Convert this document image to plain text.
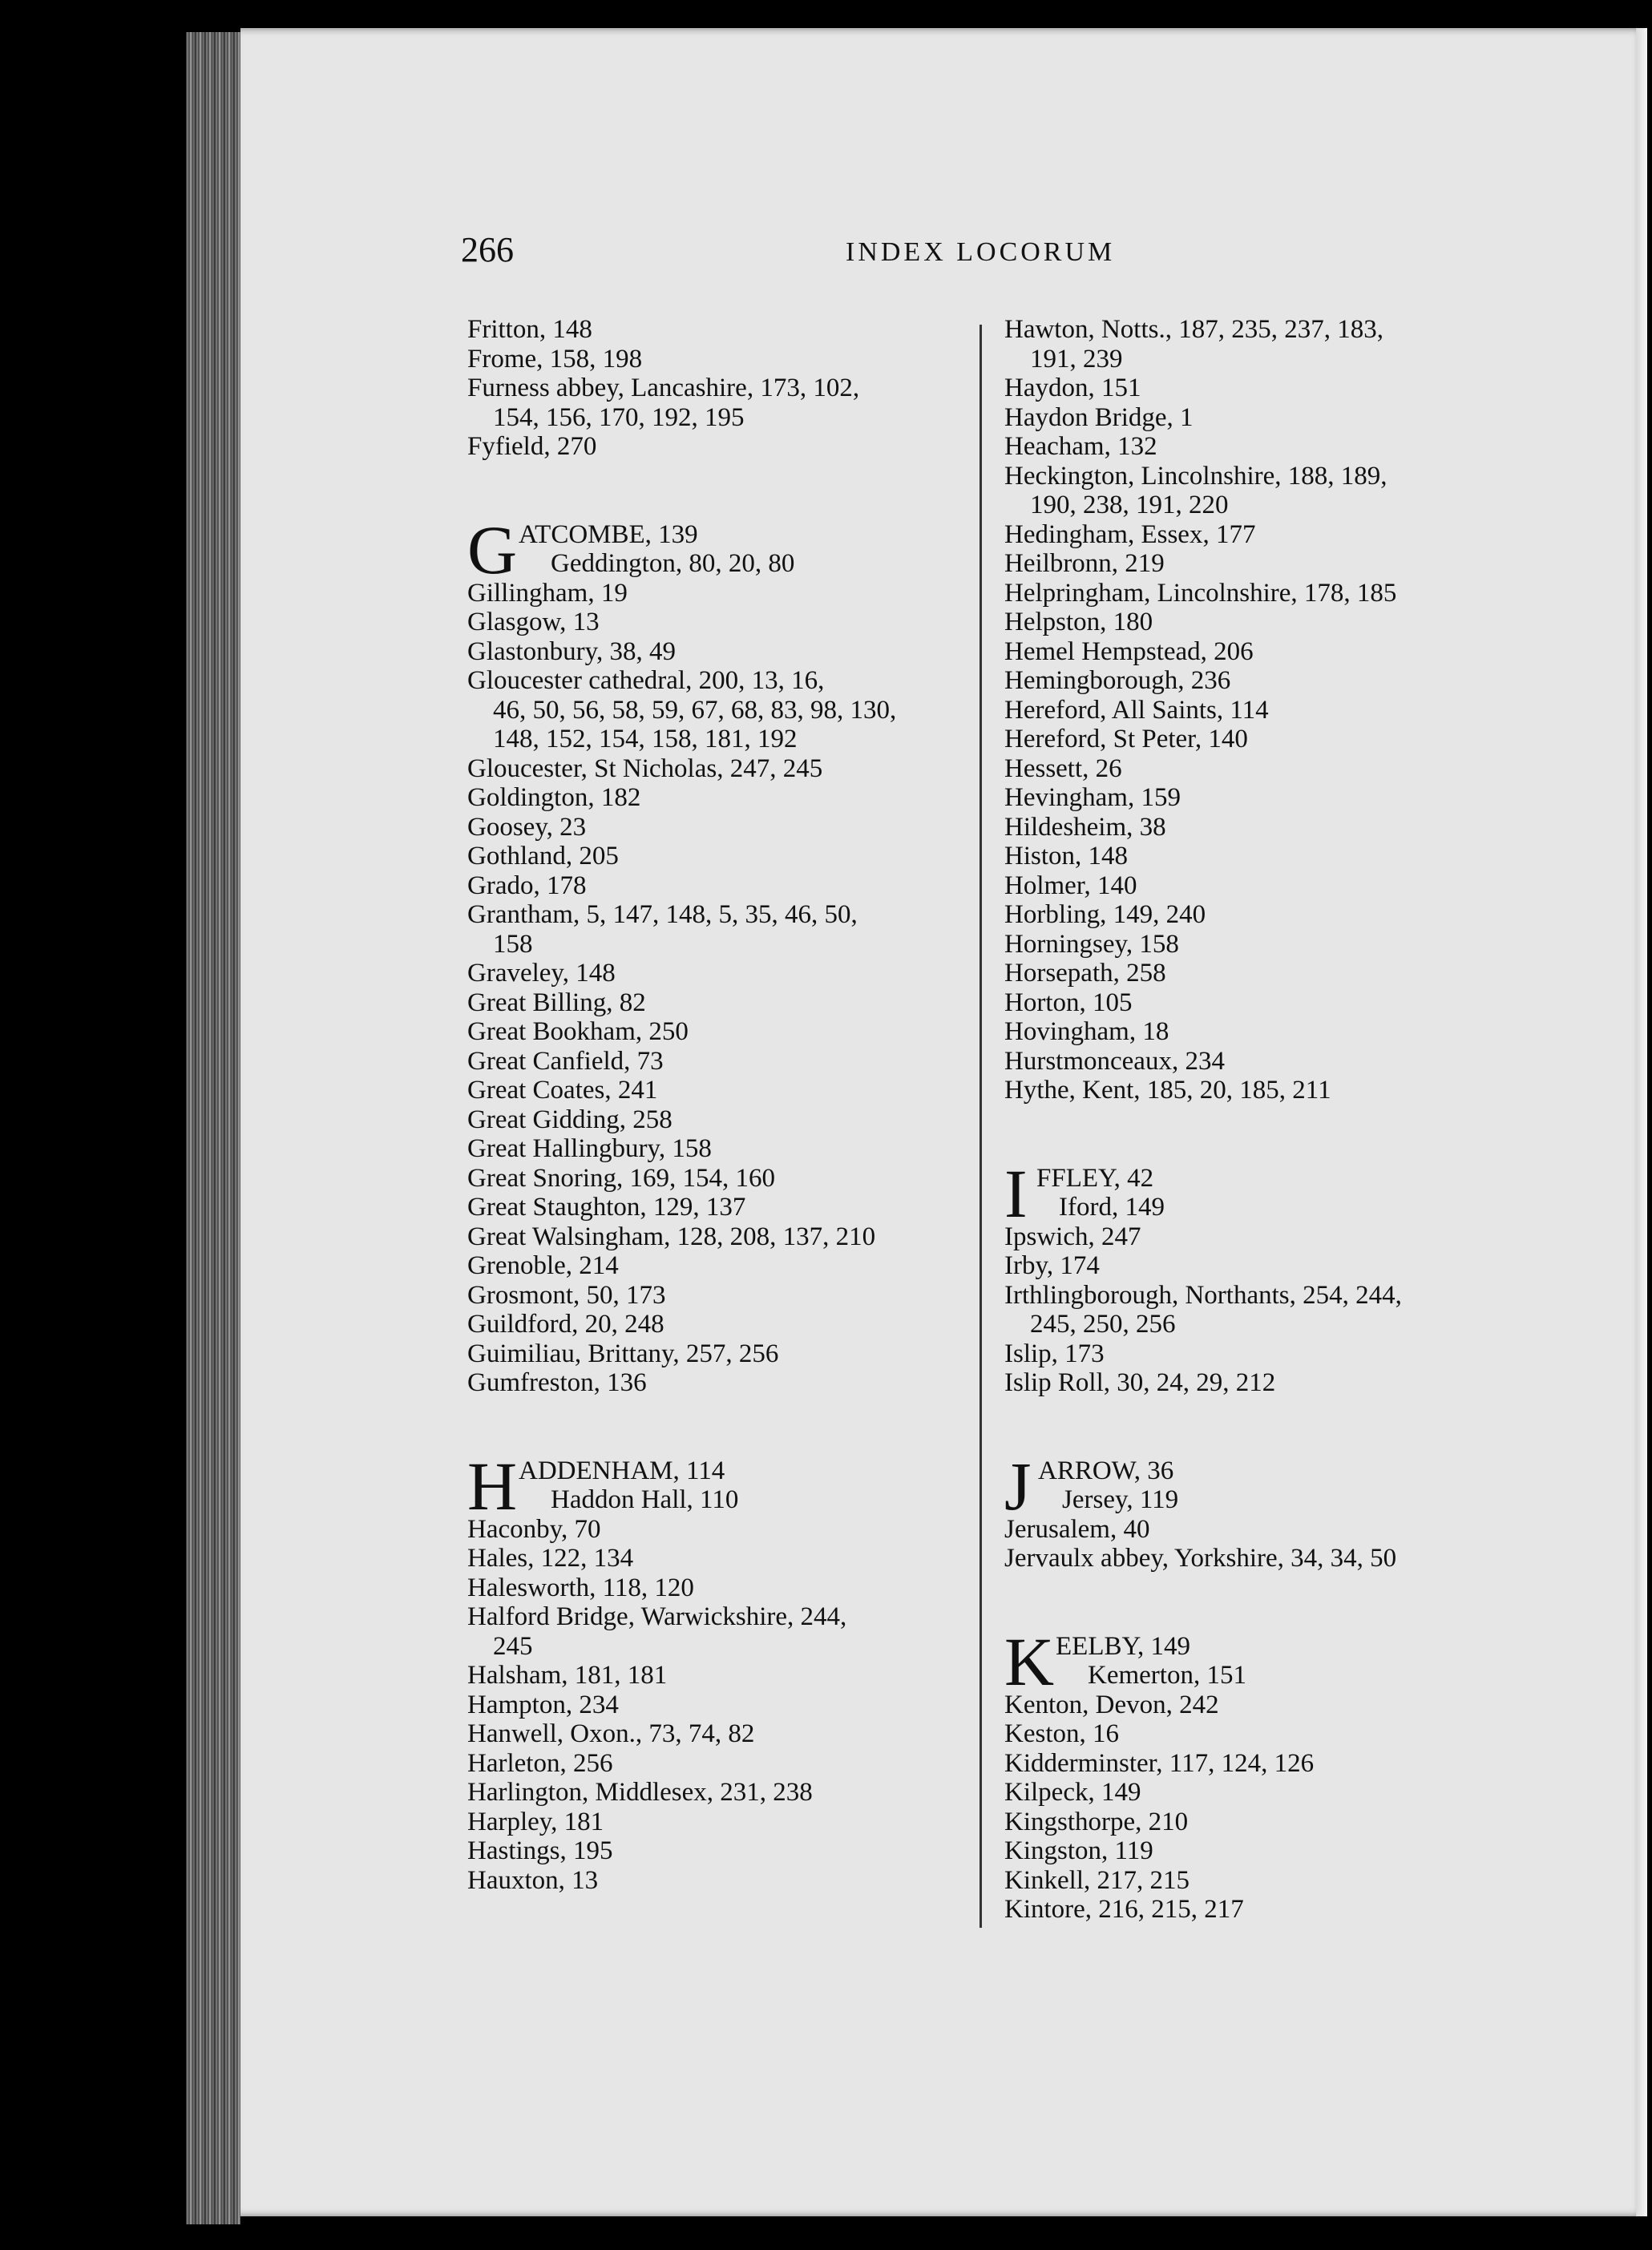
266	INDEX LOCORUM
Fritton, 148
Frome, 158, 198
Furness abbey, Lancashire, 173, 102,
154, 156, 170, 192, 195
Fyfield, 270
G ATCOMBE, 139
Geddington, 80, 20, 80
Gillingham, 19
Glasgow, 13
Glastonbury, 38, 49
Gloucester cathedral, 200, 13, 16,
46, 50, 56, 58, 59, 67, 68, 83, 98, 130,
148, 152, 154, 158, 181, 192
Gloucester, St Nicholas, 247, 245
Goldington, 182
Goosey, 23
Gothland, 205
Grado, 178
Grantham, 5, 147, 148, 5, 35, 46, 50,
158
Graveley, 148
Great Billing, 82
Great Bookham, 250
Great Canfield, 73
Great Coates, 241
Great Gidding, 258
Great Hallingbury, 158
Great Snoring, 169, 154, 160
Great Staughton, 129, 137
Great Walsingham, 128, 208, 137, 210
Grenoble, 214
Grosmont, 50, 173
Guildford, 20, 248
Guimiliau, Brittany, 257, 256
Gumfreston, 136
H ADDENHAM, 114
Haddon Hall, 110
Haconby, 70
Hales, 122, 134
Halesworth, 118, 120
Halford Bridge, Warwickshire, 244,
245
Halsham, 181, 181
Hampton, 234
Hanwell, Oxon., 73, 74, 82
Harleton, 256
Harlington, Middlesex, 231, 238
Harpley, 181
Hastings, 195
Hauxton, 13
Hawton, Notts., 187, 235, 237, 183,
191, 239
Haydon, 151
Haydon Bridge, 1
Heacham, 132
Heckington, Lincolnshire, 188, 189,
190, 238, 191, 220
Hedingham, Essex, 177
Heilbronn, 219
Helpringham, Lincolnshire, 178, 185
Helpston, 180
Hemel Hempstead, 206
Hemingborough, 236
Hereford, All Saints, 114
Hereford, St Peter, 140
Hessett, 26
Hevingham, 159
Hildesheim, 38
Histon, 148
Holmer, 140
Horbling, 149, 240
Horningsey, 158
Horsepath, 258
Horton, 105
Hovingham, 18
Hurstmonceaux, 234
Hythe, Kent, 185, 20, 185, 211
I FFLEY, 42
Iford, 149
Ipswich, 247
Irby, 174
Irthlingborough, Northants, 254, 244,
245, 250, 256
Islip, 173
Islip Roll, 30, 24, 29, 212
J ARROW, 36
Jersey, 119
Jerusalem, 40
Jervaulx abbey, Yorkshire, 34, 34, 50
K EELBY, 149
Kemerton, 151
Kenton, Devon, 242
Keston, 16
Kidderminster, 117, 124, 126
Kilpeck, 149
Kingsthorpe, 210
Kingston, 119
Kinkell, 217, 215
Kintore, 216, 215, 217
